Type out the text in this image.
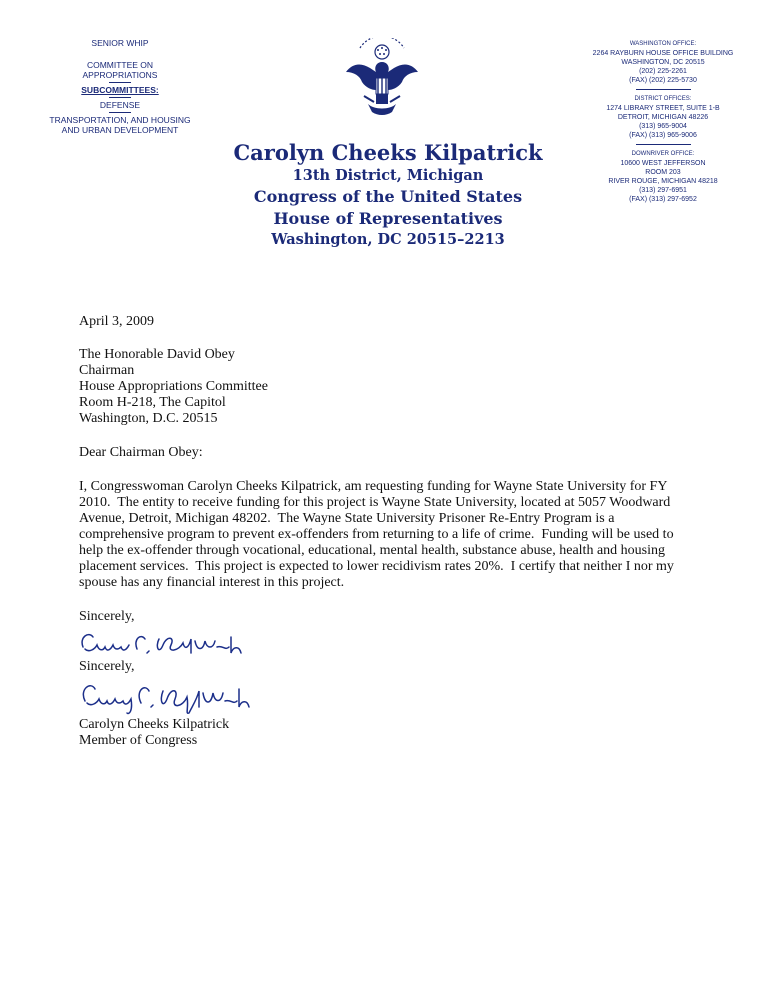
SENIOR WHIP
COMMITTEE ON
APPROPRIATIONS
SUBCOMMITTEES:
DEFENSE
TRANSPORTATION, AND HOUSING
AND URBAN DEVELOPMENT
Carolyn Cheeks Kilpatrick
13th District, Michigan
Congress of the United States
House of Representatives
Washington, DC 20515–2213
WASHINGTON OFFICE:
2264 RAYBURN HOUSE OFFICE BUILDING
WASHINGTON, DC 20515
(202) 225-2261
(FAX) (202) 225-5730
DISTRICT OFFICES:
1274 LIBRARY STREET, SUITE 1-B
DETROIT, MICHIGAN 48226
(313) 965-9004
(FAX) (313) 965-9006
DOWNRIVER OFFICE:
10600 WEST JEFFERSON
ROOM 203
RIVER ROUGE, MICHIGAN 48218
(313) 297-6951
(FAX) (313) 297-6952

April 3, 2009

The Honorable David Obey

Chairman

House Appropriations Committee

Room H-218, The Capitol

Washington, D.C. 20515

Dear Chairman Obey:

I, Congresswoman Carolyn Cheeks Kilpatrick, am requesting funding for Wayne State University for FY 2010.  The entity to receive funding for this project is Wayne State University, located at 5057 Woodward Avenue, Detroit, Michigan 48202.  The Wayne State University Prisoner Re-Entry Program is a comprehensive program to prevent ex-offenders from returning to a life of crime.  Funding will be used to help the ex-offender through vocational, educational, mental health, substance abuse, health and housing placement services.  This project is expected to lower recidivism rates 20%.  I certify that neither I nor my spouse has any financial interest in this project.

Sincerely,

Sincerely,

Carolyn Cheeks Kilpatrick

Member of Congress
